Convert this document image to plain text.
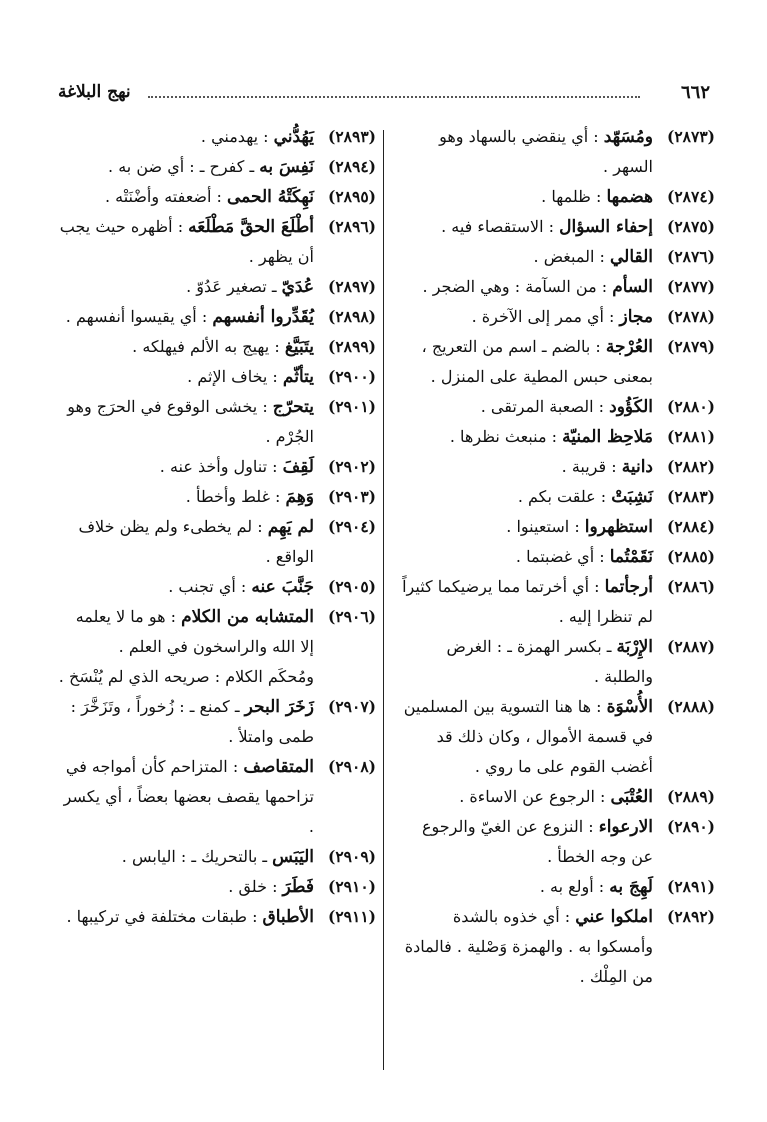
٦٦٢
نهج البلاغة
(٢٨٧٣)
ومُسَهّد : أي ينقضي بالسهاد وهو السهر .
(٢٨٧٤)
هضمها : ظلمها .
(٢٨٧٥)
إحفاء السؤال : الاستقصاء فيه .
(٢٨٧٦)
القالي : المبغض .
(٢٨٧٧)
السأم : من السآمة : وهي الضجر .
(٢٨٧٨)
مجاز : أي ممر إلى الآخرة .
(٢٨٧٩)
العُرْجة : بالضم ـ اسم من التعريج ، بمعنى حبس المطية على المنزل .
(٢٨٨٠)
الكَؤُود : الصعبة المرتقى .
(٢٨٨١)
مَلاحِظ المنيّة : منبعث نظرها .
(٢٨٨٢)
دانية : قريبة .
(٢٨٨٣)
نَشِبَتْ : علقت بكم .
(٢٨٨٤)
استظهروا : استعينوا .
(٢٨٨٥)
نَقَمْتُما : أي غضبتما .
(٢٨٨٦)
أرجأتما : أي أخرتما مما يرضيكما كثيراً لم تنظرا إليه .
(٢٨٨٧)
الإِرْبَة ـ بكسر الهمزة ـ : الغرض والطلبة .
(٢٨٨٨)
الأُسْوَة : ها هنا التسوية بين المسلمين في قسمة الأموال ، وكان ذلك قد أغضب القوم على ما روي .
(٢٨٨٩)
العُتْبَى : الرجوع عن الاساءة .
(٢٨٩٠)
الارعواء : النزوع عن الغيّ والرجوع عن وجه الخطأ .
(٢٨٩١)
لَهِجَ به : أولع به .
(٢٨٩٢)
املكوا عني : أي خذوه بالشدة وأمسكوا به . والهمزة وَصْلية . فالمادة من المِلْك .
(٢٨٩٣)
يَهُدُّني : يهدمني .
(٢٨٩٤)
نَفِسَ به ـ كفرح ـ : أي ضن به .
(٢٨٩٥)
نَهِكَتْهُ الحمى : أضعفته وأضْنَتْه .
(٢٨٩٦)
أطْلَعَ الحقَّ مَطْلَعَه : أظهره حيث يجب أن يظهر .
(٢٨٩٧)
عُدَيّ ـ تصغير عَدُوّ .
(٢٨٩٨)
يُقَدِّروا أنفسهم : أي يقيسوا أنفسهم .
(٢٨٩٩)
يتَبَيَّغ : يهيج به الألم فيهلكه .
(٢٩٠٠)
يتأثّم : يخاف الإثم .
(٢٩٠١)
يتحرّج : يخشى الوقوع في الحرَج وهو الجُرْم .
(٢٩٠٢)
لَقِفَ : تناول وأخذ عنه .
(٢٩٠٣)
وَهِمَ : غلط وأخطأ .
(٢٩٠٤)
لم يَهِم : لم يخطىء ولم يظن خلاف الواقع .
(٢٩٠٥)
جَنَّبَ عنه : أي تجنب .
(٢٩٠٦)
المتشابه من الكلام : هو ما لا يعلمه إلا الله والراسخون في العلم .
ومُحكَم الكلام : صريحه الذي لم يُنْسَخ .
(٢٩٠٧)
زَخَرَ البحر ـ كمنع ـ : زُخوراً ، وتَزَخَّرَ : طمى وامتلأ .
(٢٩٠٨)
المتقاصف : المتزاحم كأن أمواجه في تزاحمها يقصف بعضها بعضاً ، أي يكسر .
(٢٩٠٩)
اليَبَس ـ بالتحريك ـ : اليابس .
(٢٩١٠)
فَطَرَ : خلق .
(٢٩١١)
الأطباق : طبقات مختلفة في تركيبها .
